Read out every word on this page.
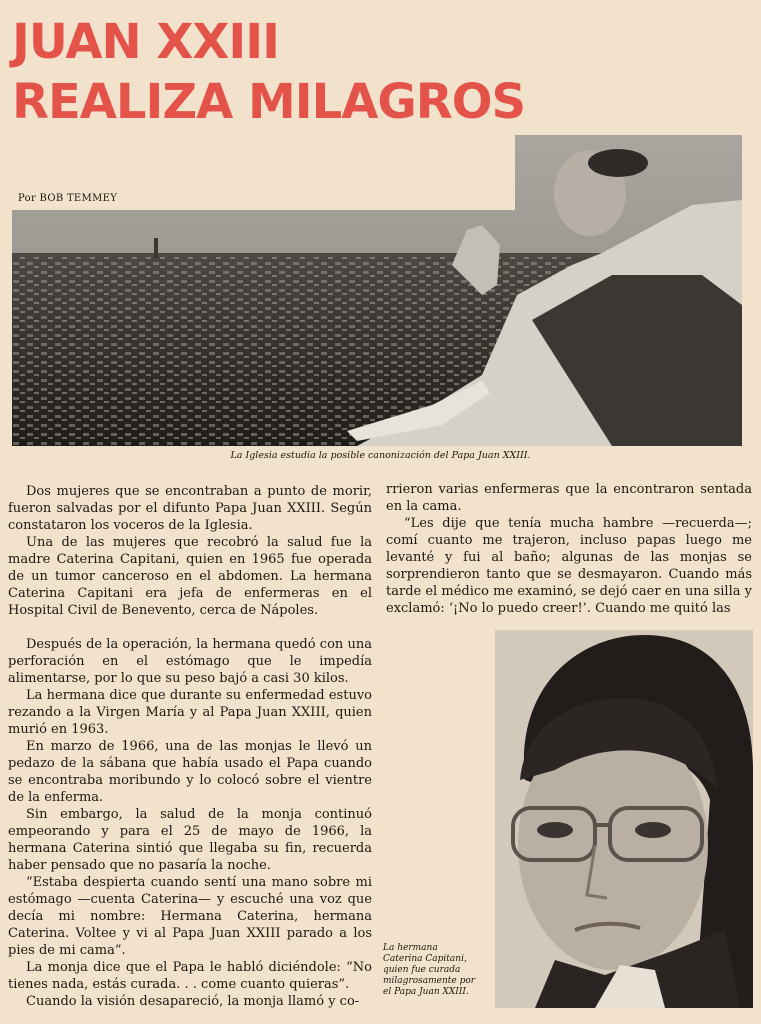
JUAN XXIII
REALIZA MILAGROS
Por BOB TEMMEY
La Iglesia estudia la posible canonización del Papa Juan XXIII.

Dos mujeres que se encontraban a punto de morir, fueron salvadas por el difunto Papa Juan XXIII. Según constataron los voceros de la Iglesia.

Una de las mujeres que recobró la salud fue la madre Caterina Capitani, quien en 1965 fue operada de un tumor canceroso en el abdomen. La hermana Caterina Capitani era jefa de enfermeras en el Hospital Civil de Benevento, cerca de Nápoles.

Después de la operación, la hermana quedó con una perforación en el estómago que le impedía alimentarse, por lo que su peso bajó a casi 30 kilos.

La hermana dice que durante su enfermedad estuvo rezando a la Virgen María y al Papa Juan XXIII, quien murió en 1963.

En marzo de 1966, una de las monjas le llevó un pedazo de la sábana que había usado el Papa cuando se encontraba moribundo y lo colocó sobre el vientre de la enferma.

Sin embargo, la salud de la monja continuó empeorando y para el 25 de mayo de 1966, la hermana Caterina sintió que llegaba su fin, recuerda haber pensado que no pasaría la noche.

“Estaba despierta cuando sentí una mano sobre mi estómago —cuenta Caterina— y escuché una voz que decía mi nombre: Hermana Caterina, hermana Caterina. Voltee y vi al Papa Juan XXIII parado a los pies de mi cama”.

La monja dice que el Papa le habló diciéndole: “No tienes nada, estás curada. . . come cuanto quieras”.

Cuando la visión desapareció, la monja llamó y co-

rrieron varias enfermeras que la encontraron sentada en la cama.

“Les dije que tenía mucha hambre —recuerda—; comí cuanto me trajeron, incluso papas luego me levanté y fui al baño; algunas de las monjas se sorprendieron tanto que se desmayaron. Cuando más tarde el médico me examinó, se dejó caer en una silla y exclamó: ‘¡No lo puedo creer!’. Cuando me quitó las

La hermana
Caterina Capitani,
quien fue curada
milagrosamente por
el Papa Juan XXIII.
